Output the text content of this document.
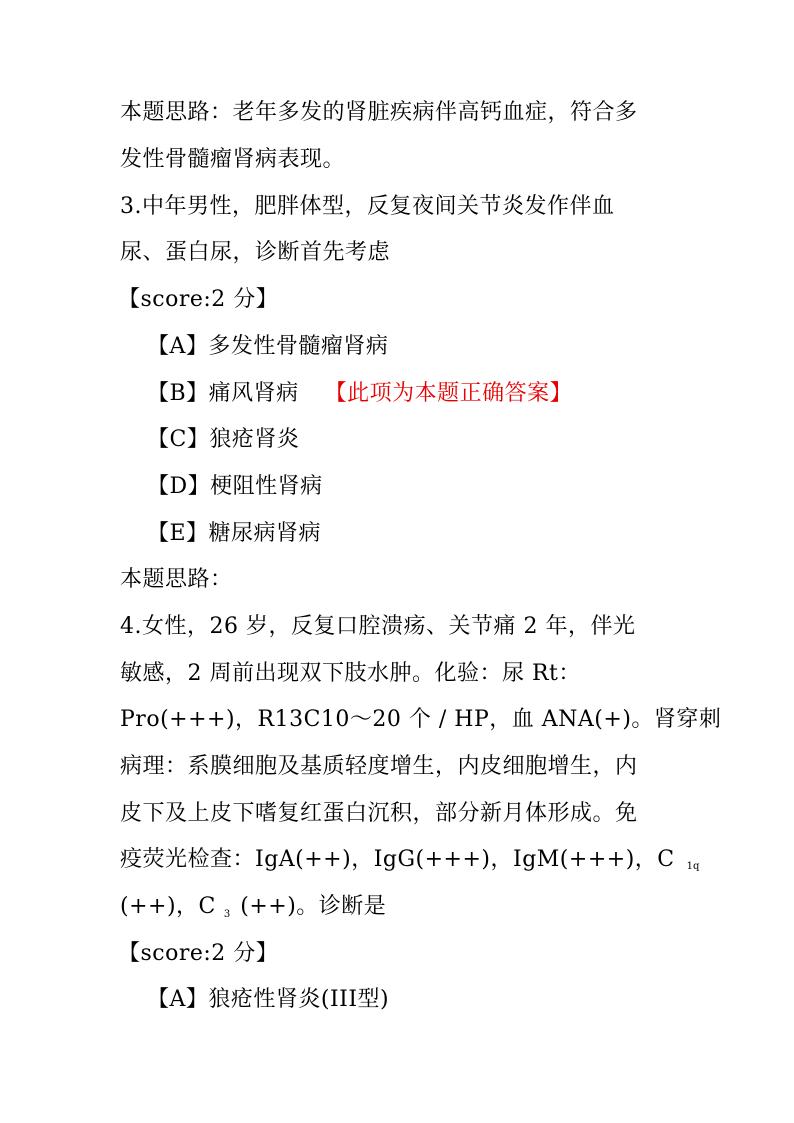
本题思路：老年多发的肾脏疾病伴高钙血症，符合多
发性骨髓瘤肾病表现。
3.中年男性，肥胖体型，反复夜间关节炎发作伴血
尿、蛋白尿，诊断首先考虑
【score:2 分】
【A】多发性骨髓瘤肾病
【B】痛风肾病 【此项为本题正确答案】
【C】狼疮肾炎
【D】梗阻性肾病
【E】糖尿病肾病
本题思路：
4.女性，26 岁，反复口腔溃疡、关节痛 2 年，伴光
敏感，2 周前出现双下肢水肿。化验：尿 Rt：
Pro(+++)，R13C10～20 个 / HP，血 ANA(+)。肾穿刺
病理：系膜细胞及基质轻度增生，内皮细胞增生，内
皮下及上皮下嗜复红蛋白沉积，部分新月体形成。免
疫荧光检查：IgA(++)，IgG(+++)，IgM(+++)，C 1q
(++)，C $_3$ (++)。诊断是
【score:2 分】
【A】狼疮性肾炎(III型)
